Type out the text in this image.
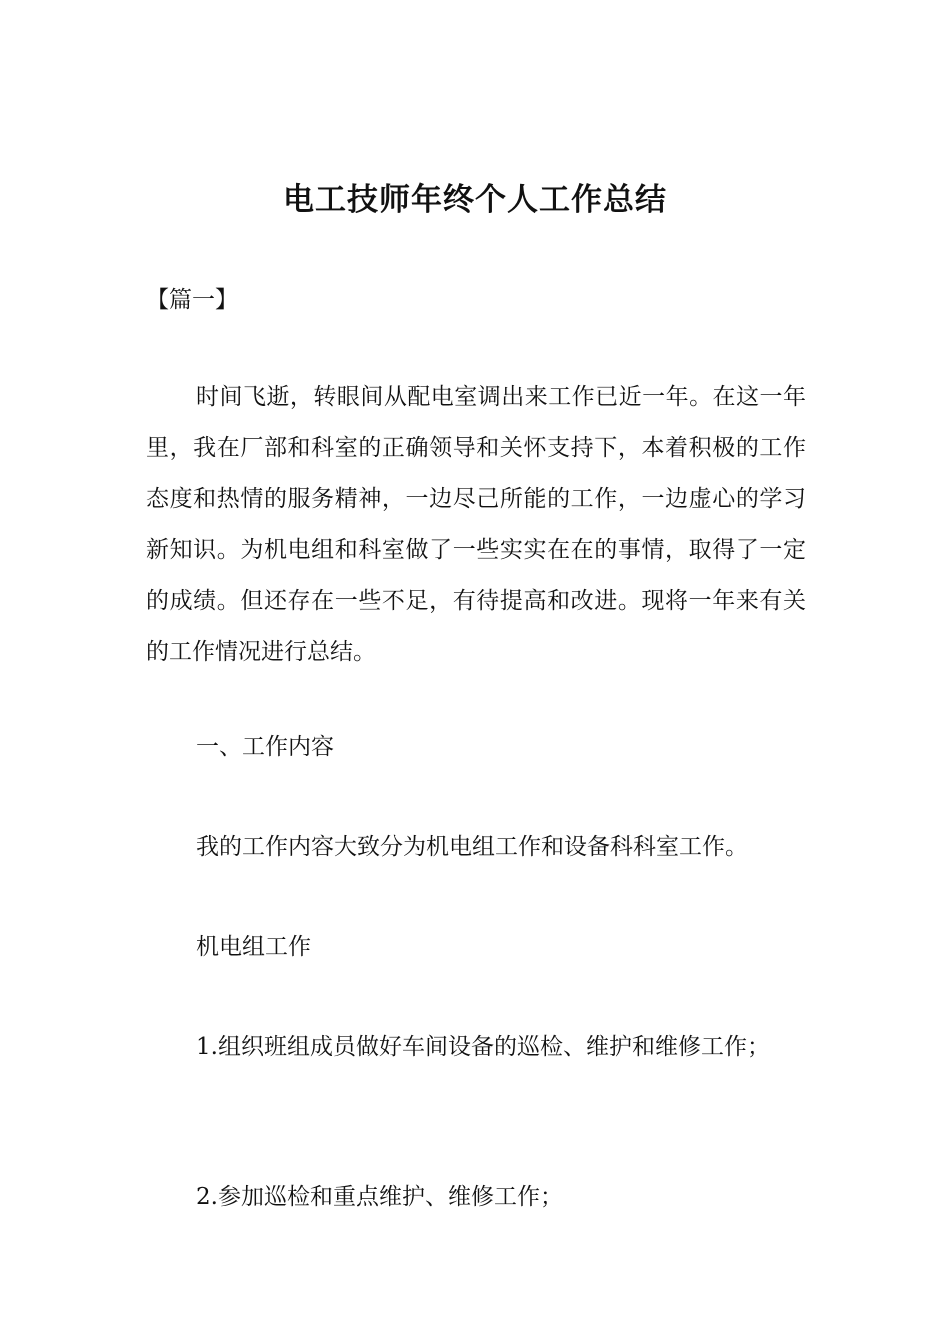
电工技师年终个人工作总结
【篇一】

时间飞逝，转眼间从配电室调出来工作已近一年。在这一年里，我在厂部和科室的正确领导和关怀支持下，本着积极的工作态度和热情的服务精神，一边尽己所能的工作，一边虚心的学习新知识。为机电组和科室做了一些实实在在的事情，取得了一定的成绩。但还存在一些不足，有待提高和改进。现将一年来有关的工作情况进行总结。

一、工作内容

我的工作内容大致分为机电组工作和设备科科室工作。

机电组工作

1.组织班组成员做好车间设备的巡检、维护和维修工作；

2.参加巡检和重点维护、维修工作；
